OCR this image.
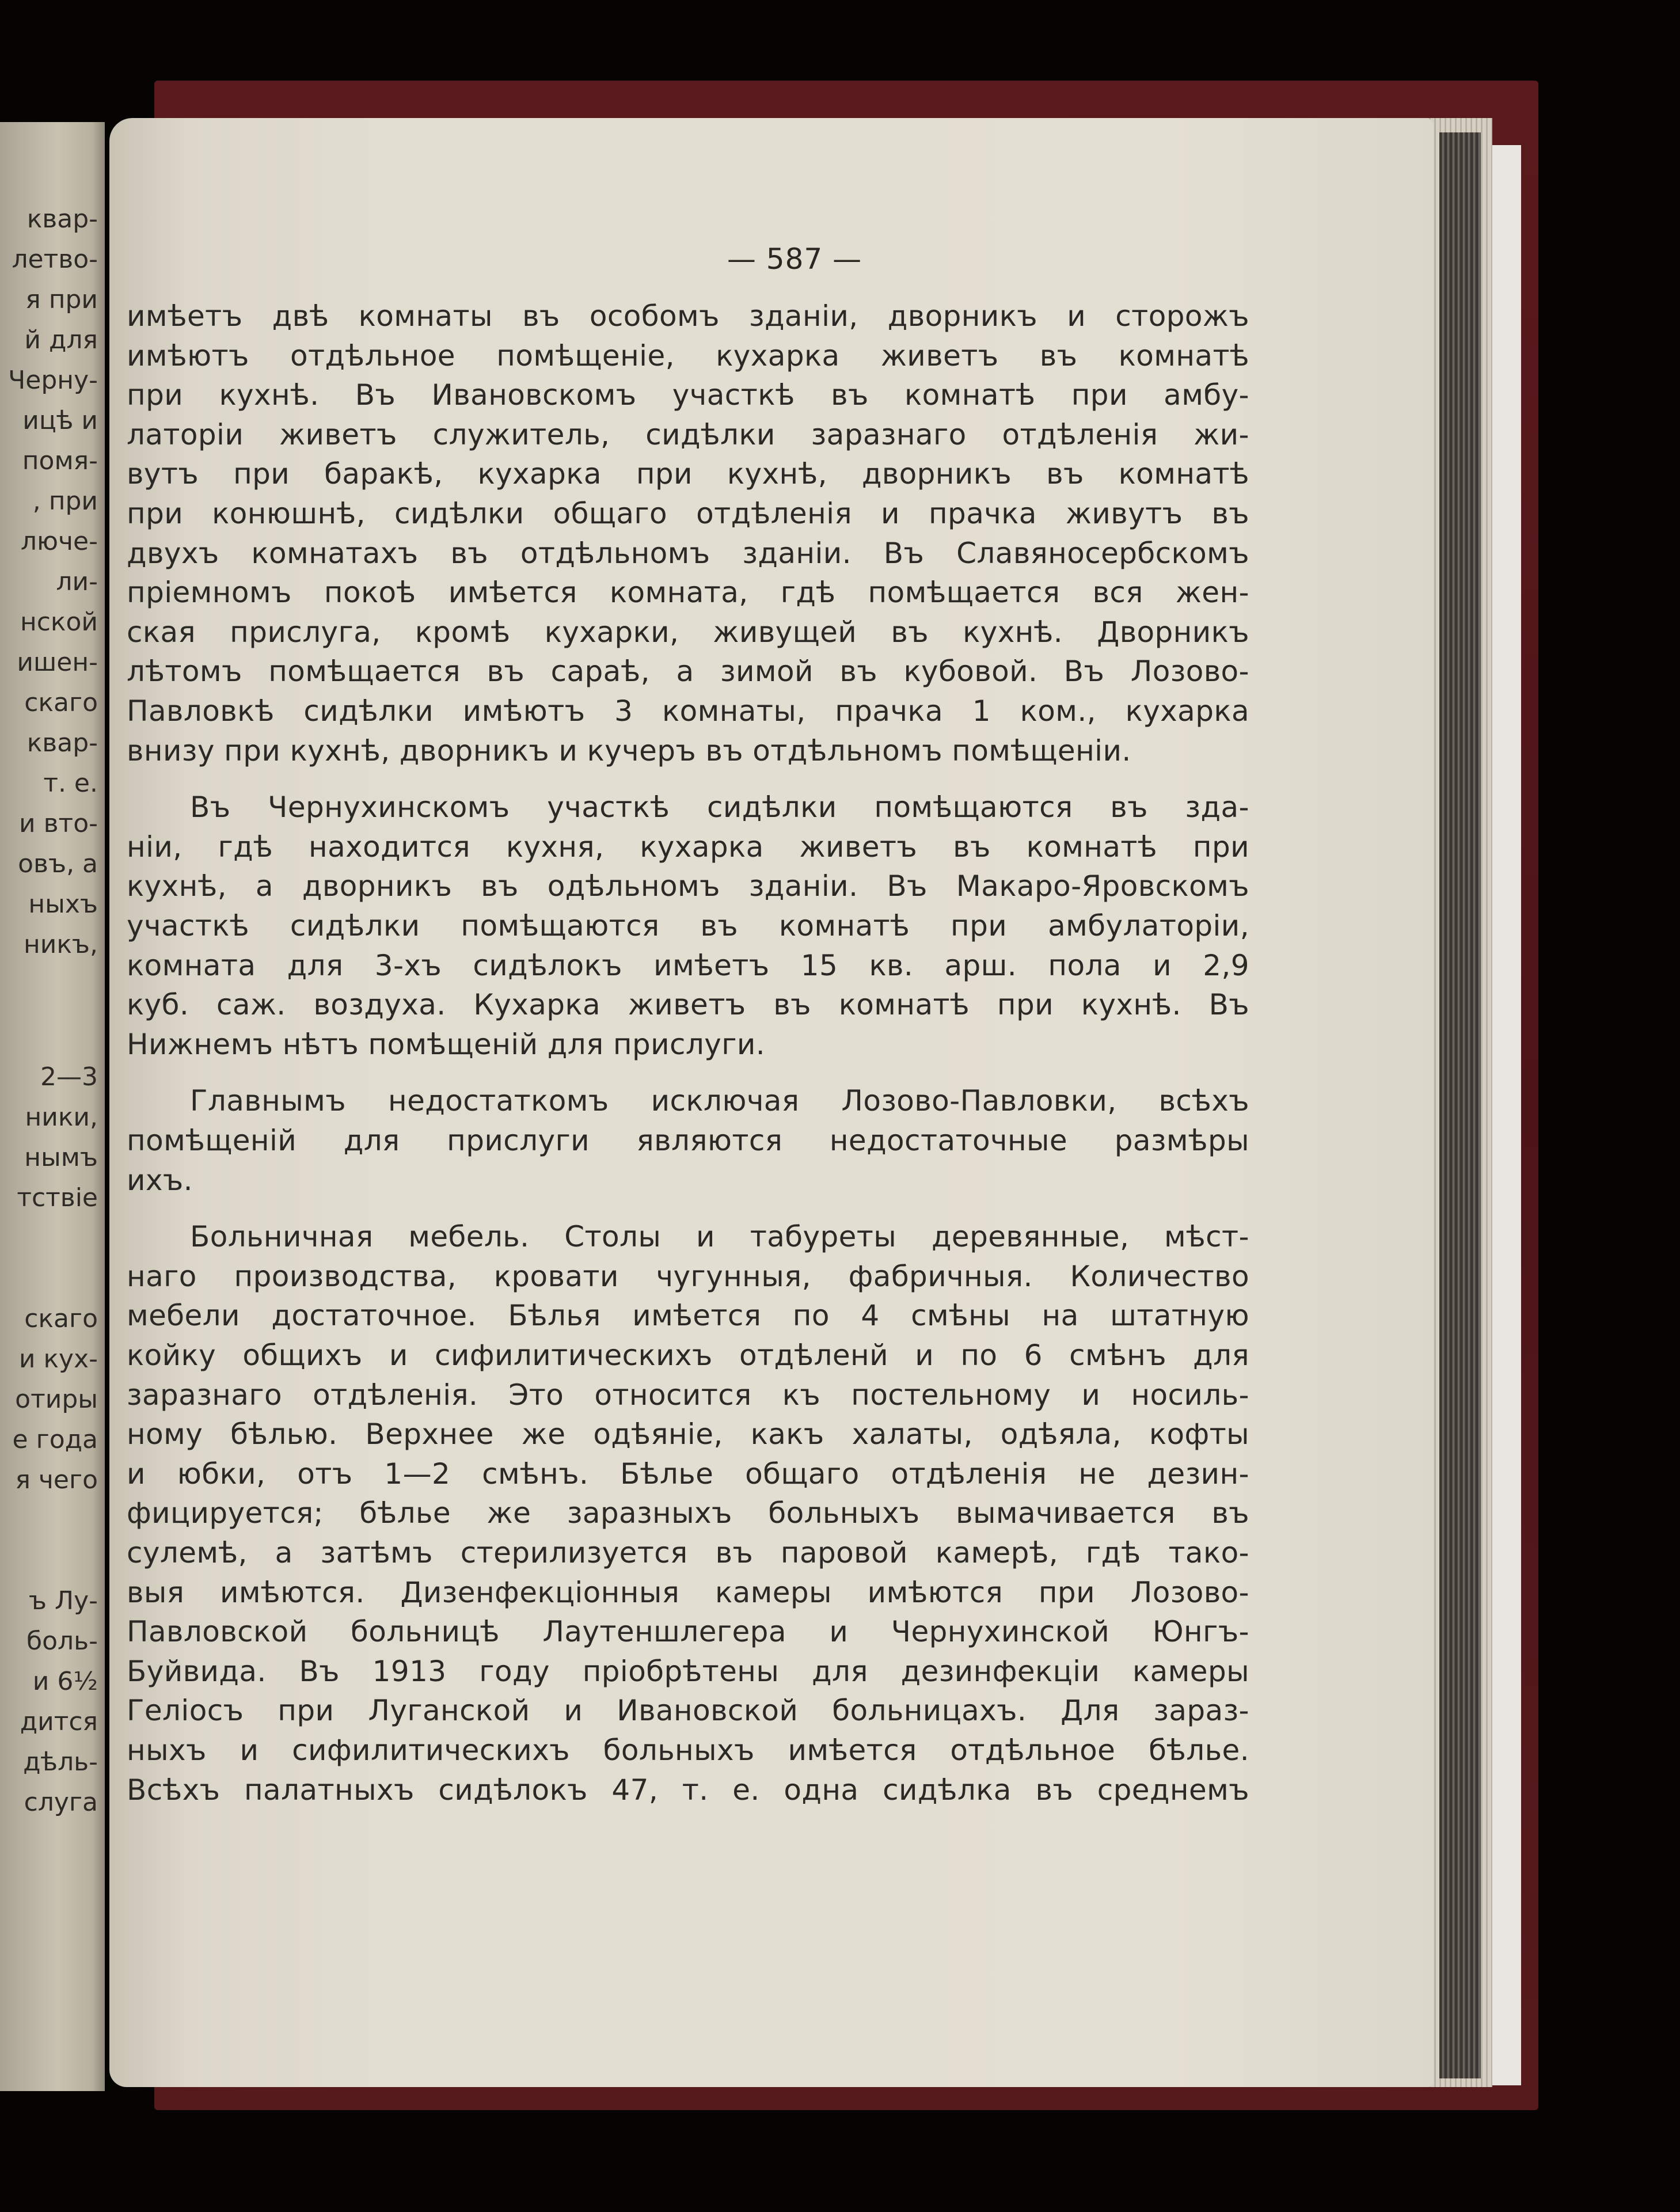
квар-
летво-
я при
й для
Черну-
ицѣ и
помя-
, при
люче-
ли-
нской
ишен-
скаго
квар-
т. е.
и вто-
овъ, а
ныхъ
никъ,
2—3
ники,
нымъ
тствіе
скаго
и кух-
отиры
е года
я чего
ъ Лу-
боль-
и 6½
дится
дѣль-
слуга
— 587 —
имѣетъ двѣ комнаты въ особомъ зданіи, дворникъ и сторожъ
имѣютъ отдѣльное помѣщеніе, кухарка живетъ въ комнатѣ
при кухнѣ. Въ Ивановскомъ участкѣ въ комнатѣ при амбу-
латоріи живетъ служитель, сидѣлки заразнаго отдѣленія жи-
вутъ при баракѣ, кухарка при кухнѣ, дворникъ въ комнатѣ
при конюшнѣ, сидѣлки общаго отдѣленія и прачка живутъ въ
двухъ комнатахъ въ отдѣльномъ зданіи. Въ Славяносербскомъ
пріемномъ покоѣ имѣется комната, гдѣ помѣщается вся жен-
ская прислуга, кромѣ кухарки, живущей въ кухнѣ. Дворникъ
лѣтомъ помѣщается въ сараѣ, а зимой въ кубовой. Въ Лозово-
Павловкѣ сидѣлки имѣютъ 3 комнаты, прачка 1 ком., кухарка
внизу при кухнѣ, дворникъ и кучеръ въ отдѣльномъ помѣщеніи.
Въ Чернухинскомъ участкѣ сидѣлки помѣщаются въ зда-
ніи, гдѣ находится кухня, кухарка живетъ въ комнатѣ при
кухнѣ, а дворникъ въ одѣльномъ зданіи. Въ Макаро-Яровскомъ
участкѣ сидѣлки помѣщаются въ комнатѣ при амбулаторіи,
комната для 3-хъ сидѣлокъ имѣетъ 15 кв. арш. пола и 2,9
куб. саж. воздуха. Кухарка живетъ въ комнатѣ при кухнѣ. Въ
Нижнемъ нѣтъ помѣщеній для прислуги.
Главнымъ недостаткомъ исключая Лозово-Павловки, всѣхъ
помѣщеній для прислуги являются недостаточные размѣры
ихъ.
Больничная мебель. Столы и табуреты деревянные, мѣст-
наго производства, кровати чугунныя, фабричныя. Количество
мебели достаточное. Бѣлья имѣется по 4 смѣны на штатную
койку общихъ и сифилитическихъ отдѣленй и по 6 смѣнъ для
заразнаго отдѣленія. Это относится къ постельному и носиль-
ному бѣлью. Верхнее же одѣяніе, какъ халаты, одѣяла, кофты
и юбки, отъ 1—2 смѣнъ. Бѣлье общаго отдѣленія не дезин-
фицируется; бѣлье же заразныхъ больныхъ вымачивается въ
сулемѣ, а затѣмъ стерилизуется въ паровой камерѣ, гдѣ тако-
выя имѣются. Дизенфекціонныя камеры имѣются при Лозово-
Павловской больницѣ Лаутеншлегера и Чернухинской Юнгъ-
Буйвида. Въ 1913 году пріобрѣтены для дезинфекціи камеры
Геліосъ при Луганской и Ивановской больницахъ. Для зараз-
ныхъ и сифилитическихъ больныхъ имѣется отдѣльное бѣлье.
Всѣхъ палатныхъ сидѣлокъ 47, т. е. одна сидѣлка въ среднемъ
